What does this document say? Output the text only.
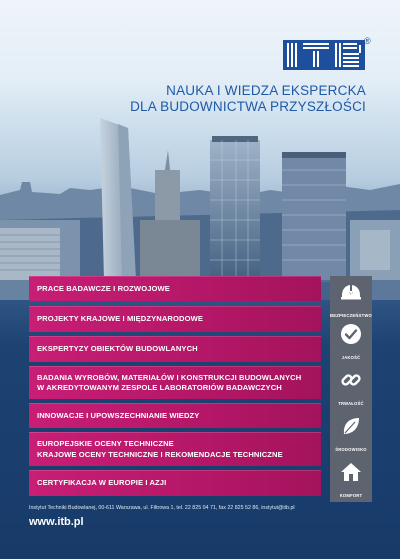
®
NAUKA I WIEDZA EKSPERCKA
DLA BUDOWNICTWA PRZYSZŁOŚCI
PRACE BADAWCZE I ROZWOJOWE
PROJEKTY KRAJOWE I MIĘDZYNARODOWE
EKSPERTYZY OBIEKTÓW BUDOWLANYCH
BADANIA WYROBÓW, MATERIAŁÓW I KONSTRUKCJI BUDOWLANYCH
W AKREDYTOWANYM ZESPOLE LABORATORIÓW BADAWCZYCH
INNOWACJE I UPOWSZECHNIANIE WIEDZY
EUROPEJSKIE OCENY TECHNICZNE
KRAJOWE OCENY TECHNICZNE I REKOMENDACJE TECHNICZNE
CERTYFIKACJA W EUROPIE I AZJI
°r°
BEZPIECZEŃSTWO
JAKOŚĆ
TRWAŁOŚĆ
ŚRODOWISKO
KOMFORT
Instytut Techniki Budowlanej, 00-611 Warszawa, ul. Filtrowa 1, tel. 22 825 04 71, fax 22 825 52 86, instytut@itb.pl
www.itb.pl
